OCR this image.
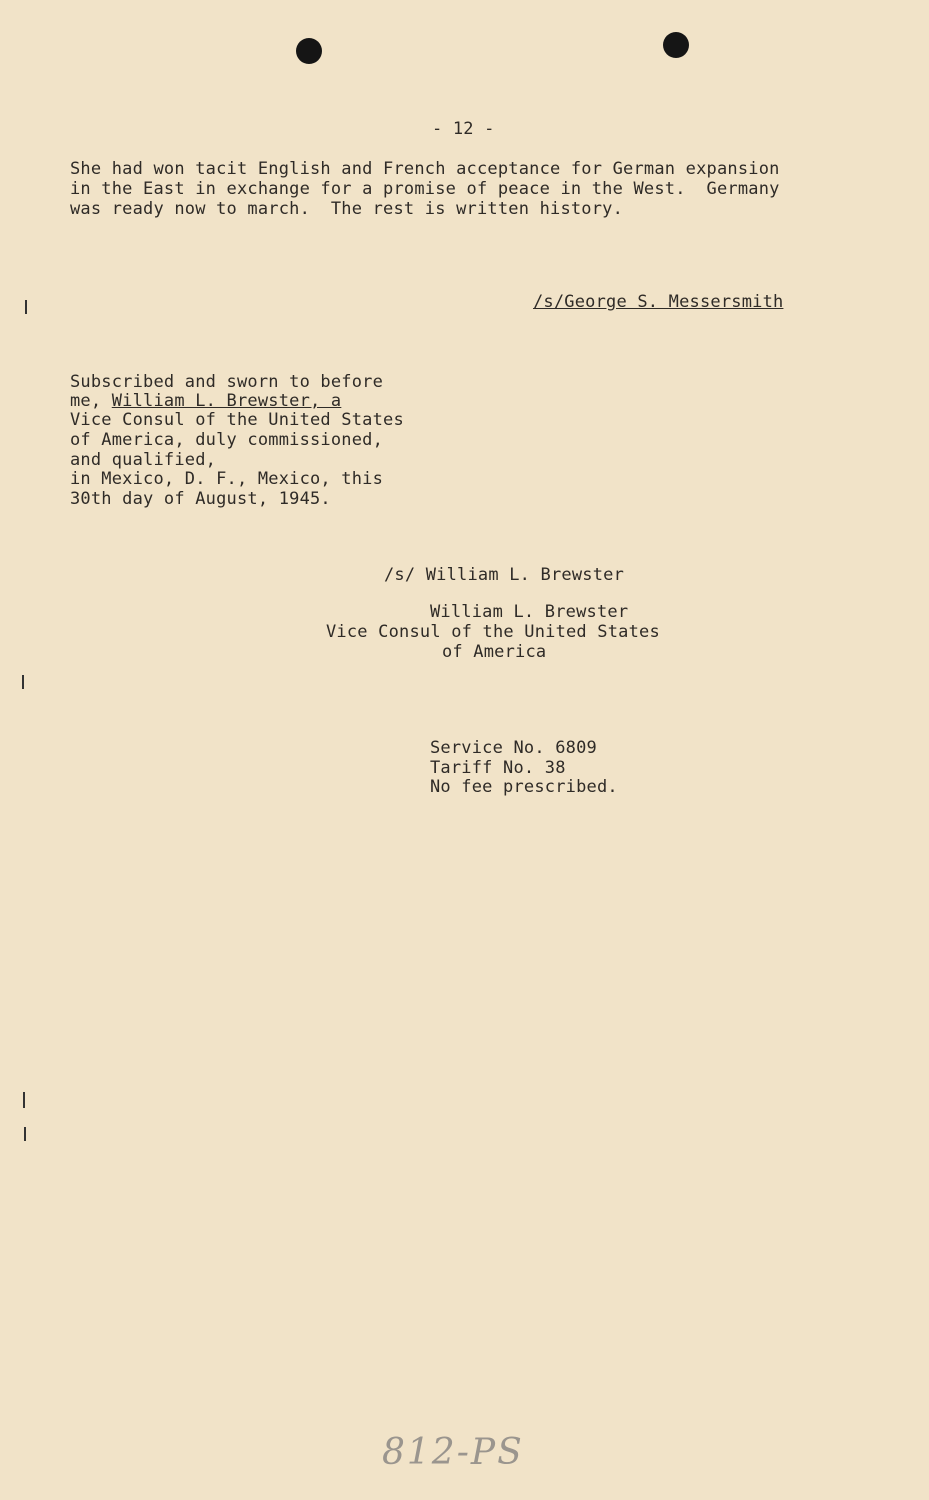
- 12 -
She had won tacit English and French acceptance for German expansion
in the East in exchange for a promise of peace in the West.  Germany
was ready now to march.  The rest is written history.
/s/George S. Messersmith
Subscribed and sworn to before
me, William L. Brewster, a
Vice Consul of the United States
of America, duly commissioned,
and qualified,
in Mexico, D. F., Mexico, this
30th day of August, 1945.
/s/ William L. Brewster
William L. Brewster
Vice Consul of the United States
of America
Service No. 6809
Tariff No. 38
No fee prescribed.
812-PS
